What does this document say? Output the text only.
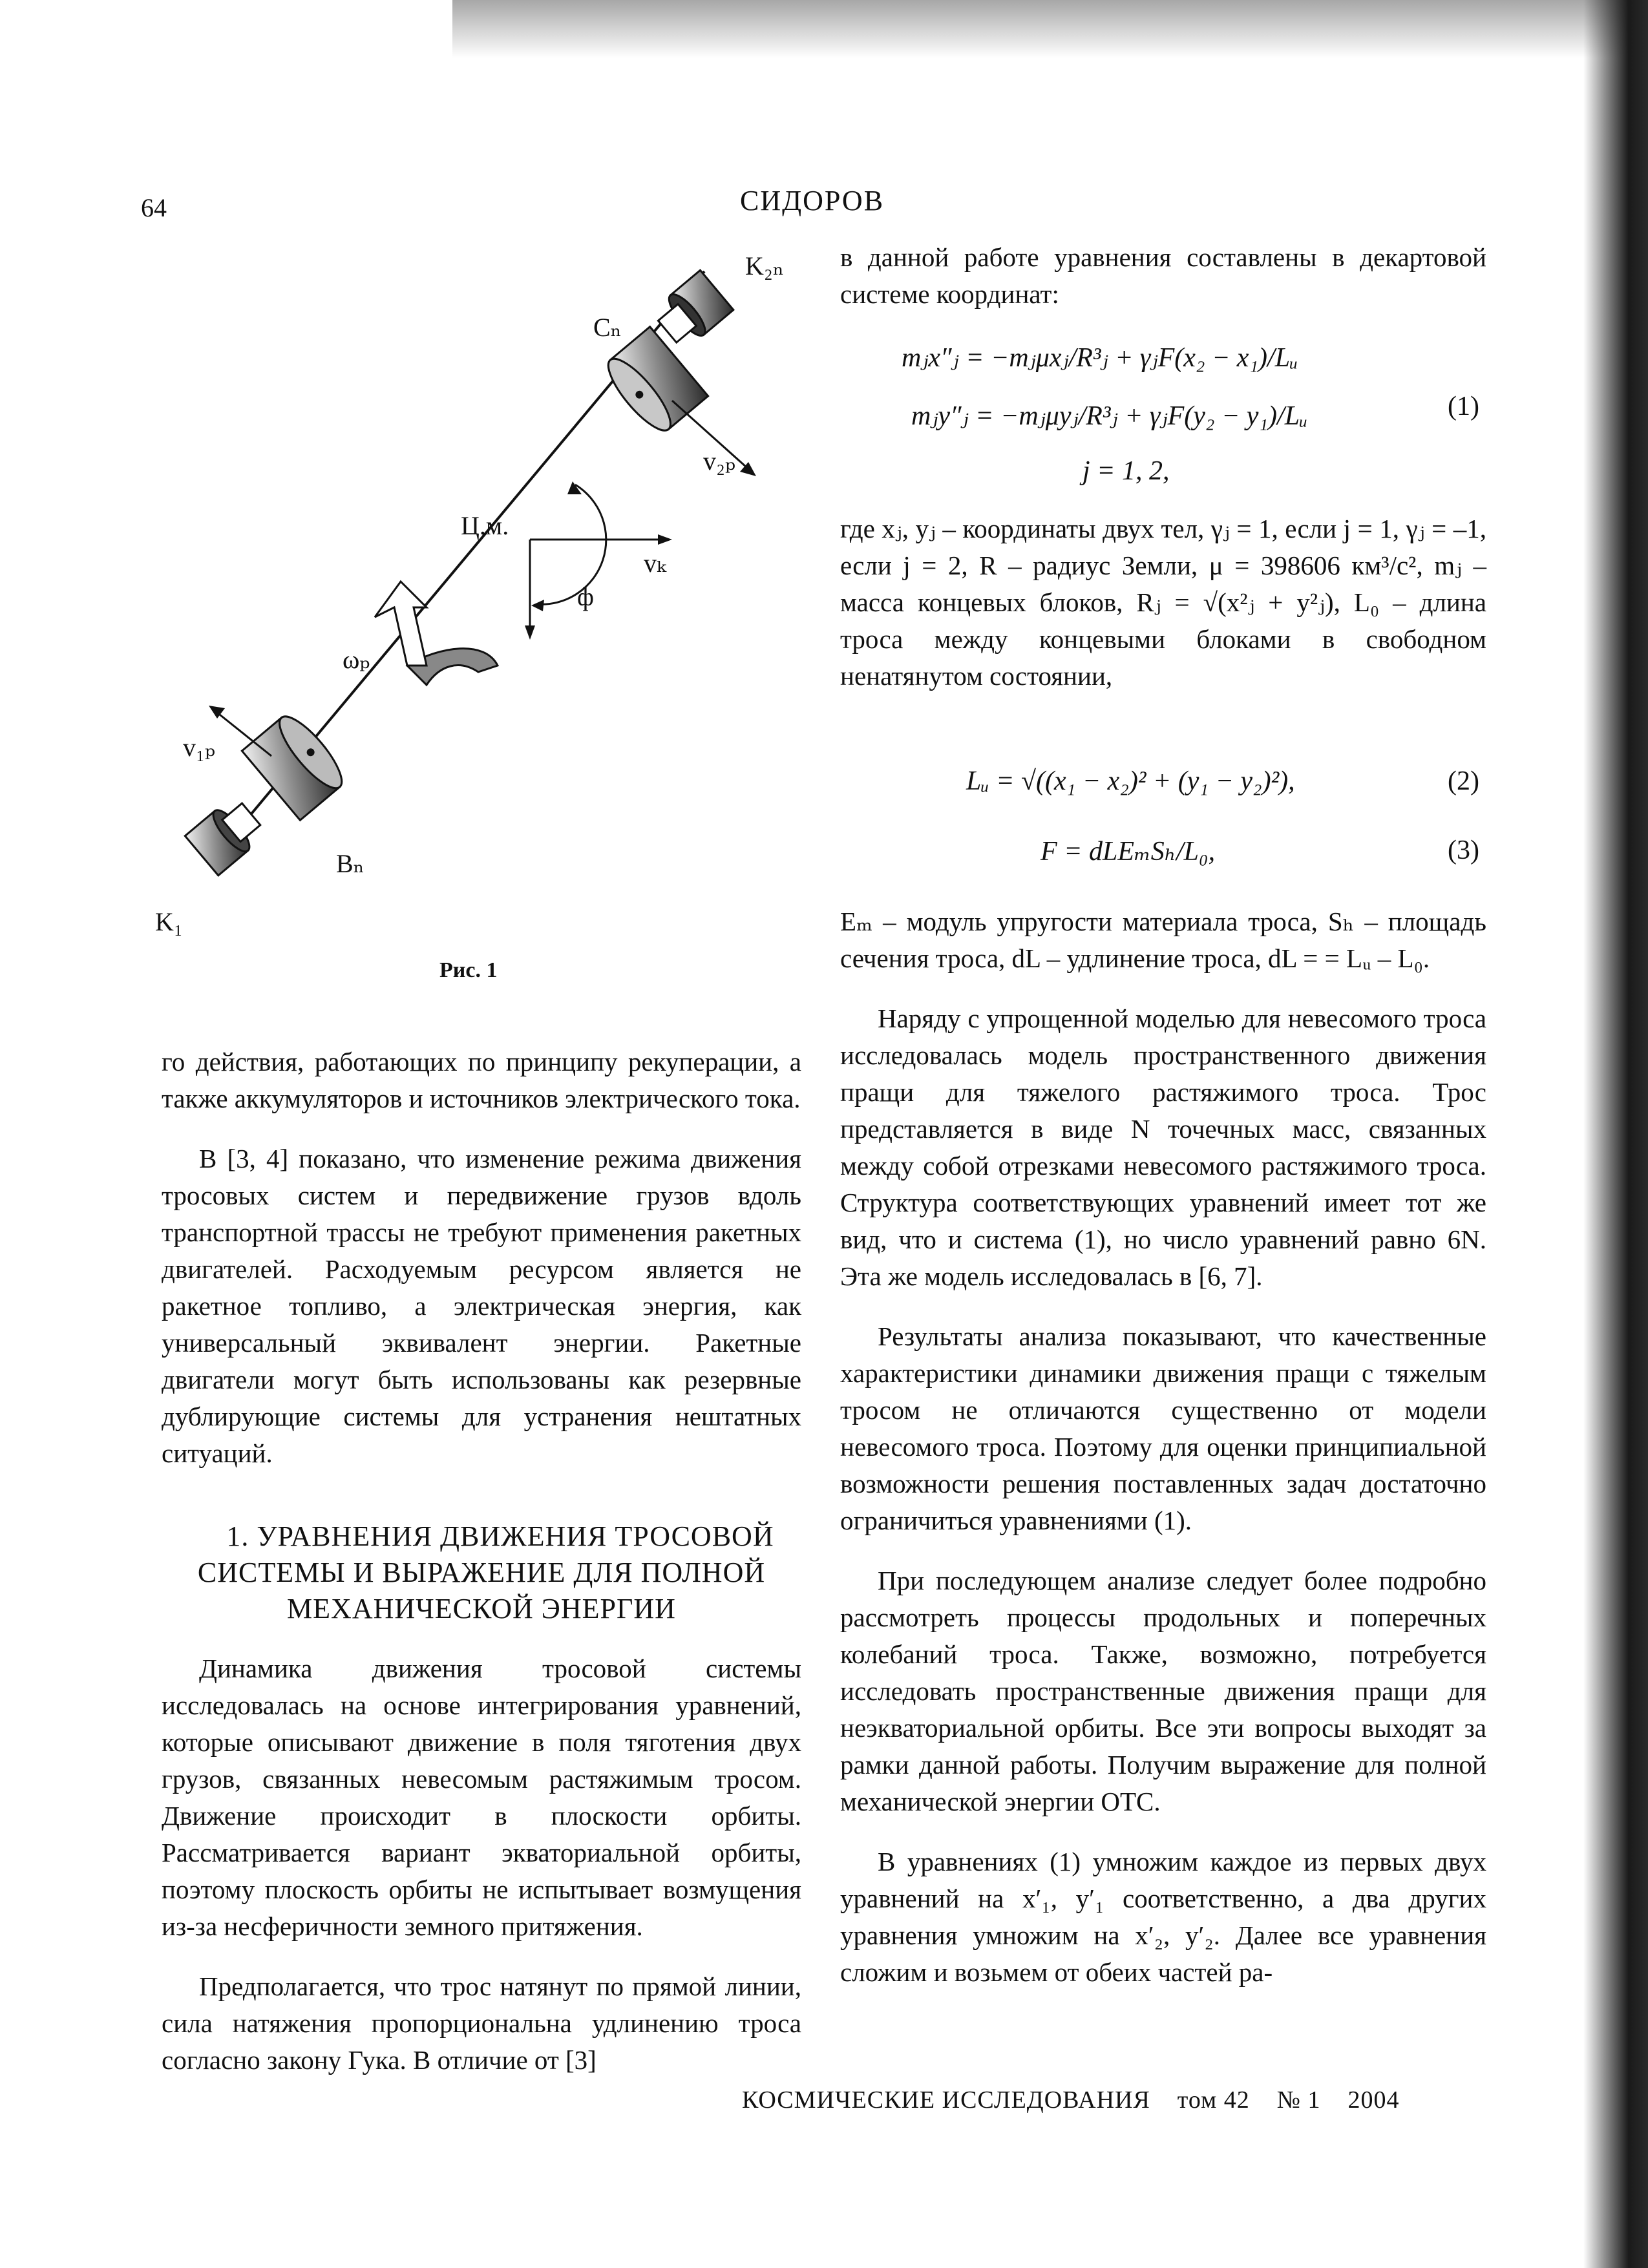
64	СИДОРОВ
K₂ₙ
Cₙ
v₂ₚ
Ц.м.
vₖ
ф
ωₚ
v₁ₚ
Bₙ
K₁
Рис. 1

го действия, работающих по принципу рекуперации, а также аккумуляторов и источников электрического тока.

В [3, 4] показано, что изменение режима движения тросовых систем и передвижение грузов вдоль транспортной трассы не требуют применения ракетных двигателей. Расходуемым ресурсом является не ракетное топливо, а электрическая энергия, как универсальный эквивалент энергии. Ракетные двигатели могут быть использованы как резервные дублирующие системы для устранения нештатных ситуаций.

1. УРАВНЕНИЯ ДВИЖЕНИЯ ТРОСОВОЙ СИСТЕМЫ И ВЫРАЖЕНИЕ ДЛЯ ПОЛНОЙ МЕХАНИЧЕСКОЙ ЭНЕРГИИ

Динамика движения тросовой системы исследовалась на основе интегрирования уравнений, которые описывают движение в поля тяготения двух грузов, связанных невесомым растяжимым тросом. Движение происходит в плоскости орбиты. Рассматривается вариант экваториальной орбиты, поэтому плоскость орбиты не испытывает возмущения из-за несферичности земного притяжения.

Предполагается, что трос натянут по прямой линии, сила натяжения пропорциональна удлинению троса согласно закону Гука. В отличие от [3]

в данной работе уравнения составлены в декартовой системе координат:

mⱼx″ⱼ = −mⱼμxⱼ/R³ⱼ + γⱼF(x₂ − x₁)/Lᵤ
mⱼy″ⱼ = −mⱼμyⱼ/R³ⱼ + γⱼF(y₂ − y₁)/Lᵤ
j = 1, 2,
(1)

где xⱼ, yⱼ – координаты двух тел, γⱼ = 1, если j = 1, γⱼ = –1, если j = 2, R – радиус Земли, μ = 398606 км³/c², mⱼ – масса концевых блоков, Rⱼ = √(x²ⱼ + y²ⱼ), L₀ – длина троса между концевыми блоками в свободном ненатянутом состоянии,

Lᵤ = √((x₁ − x₂)² + (y₁ − y₂)²),	(2)
F = dLEₘSₕ/L₀,	(3)

Eₘ – модуль упругости материала троса, Sₕ – площадь сечения троса, dL – удлинение троса, dL = = Lᵤ – L₀.

Наряду с упрощенной моделью для невесомого троса исследовалась модель пространственного движения пращи для тяжелого растяжимого троса. Трос представляется в виде N точечных масс, связанных между собой отрезками невесомого растяжимого троса. Структура соответствующих уравнений имеет тот же вид, что и система (1), но число уравнений равно 6N. Эта же модель исследовалась в [6, 7].

Результаты анализа показывают, что качественные характеристики динамики движения пращи с тяжелым тросом не отличаются существенно от модели невесомого троса. Поэтому для оценки принципиальной возможности решения поставленных задач достаточно ограничиться уравнениями (1).

При последующем анализе следует более подробно рассмотреть процессы продольных и поперечных колебаний троса. Также, возможно, потребуется исследовать пространственные движения пращи для неэкваториальной орбиты. Все эти вопросы выходят за рамки данной работы. Получим выражение для полной механической энергии ОТС.

В уравнениях (1) умножим каждое из первых двух уравнений на x′₁, y′₁ соответственно, а два других уравнения умножим на x′₂, y′₂. Далее все уравнения сложим и возьмем от обеих частей ра-

КОСМИЧЕСКИЕ ИССЛЕДОВАНИЯ    том 42    № 1    2004
